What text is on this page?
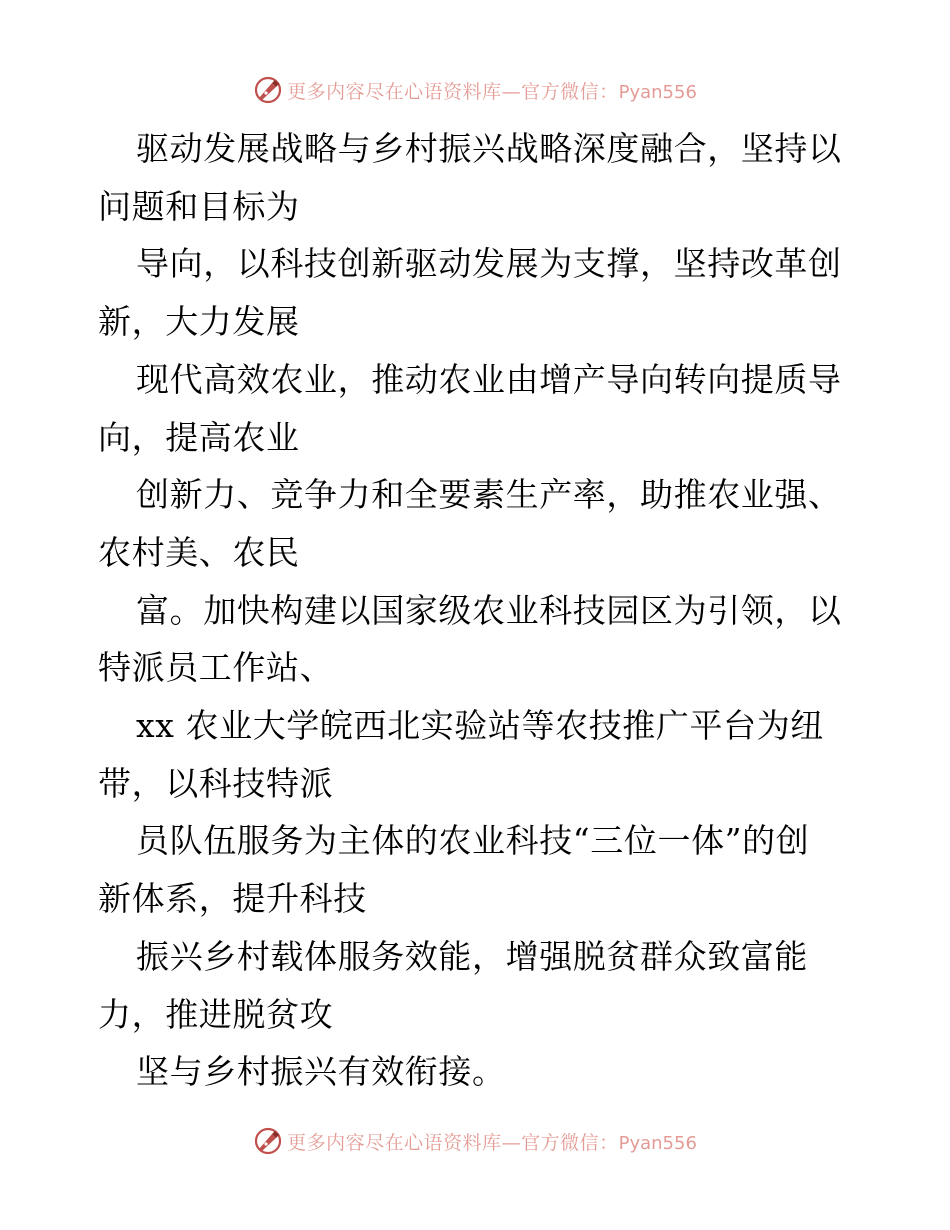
更多内容尽在心语资料库—官方微信：Pyan556
驱动发展战略与乡村振兴战略深度融合，坚持以
问题和目标为
导向，以科技创新驱动发展为支撑，坚持改革创
新，大力发展
现代高效农业，推动农业由增产导向转向提质导
向，提高农业
创新力、竞争力和全要素生产率，助推农业强、
农村美、农民
富。加快构建以国家级农业科技园区为引领，以
特派员工作站、
xx 农业大学皖西北实验站等农技推广平台为纽
带，以科技特派
员队伍服务为主体的农业科技“三位一体”的创
新体系，提升科技
振兴乡村载体服务效能，增强脱贫群众致富能
力，推进脱贫攻
坚与乡村振兴有效衔接。
更多内容尽在心语资料库—官方微信：Pyan556
